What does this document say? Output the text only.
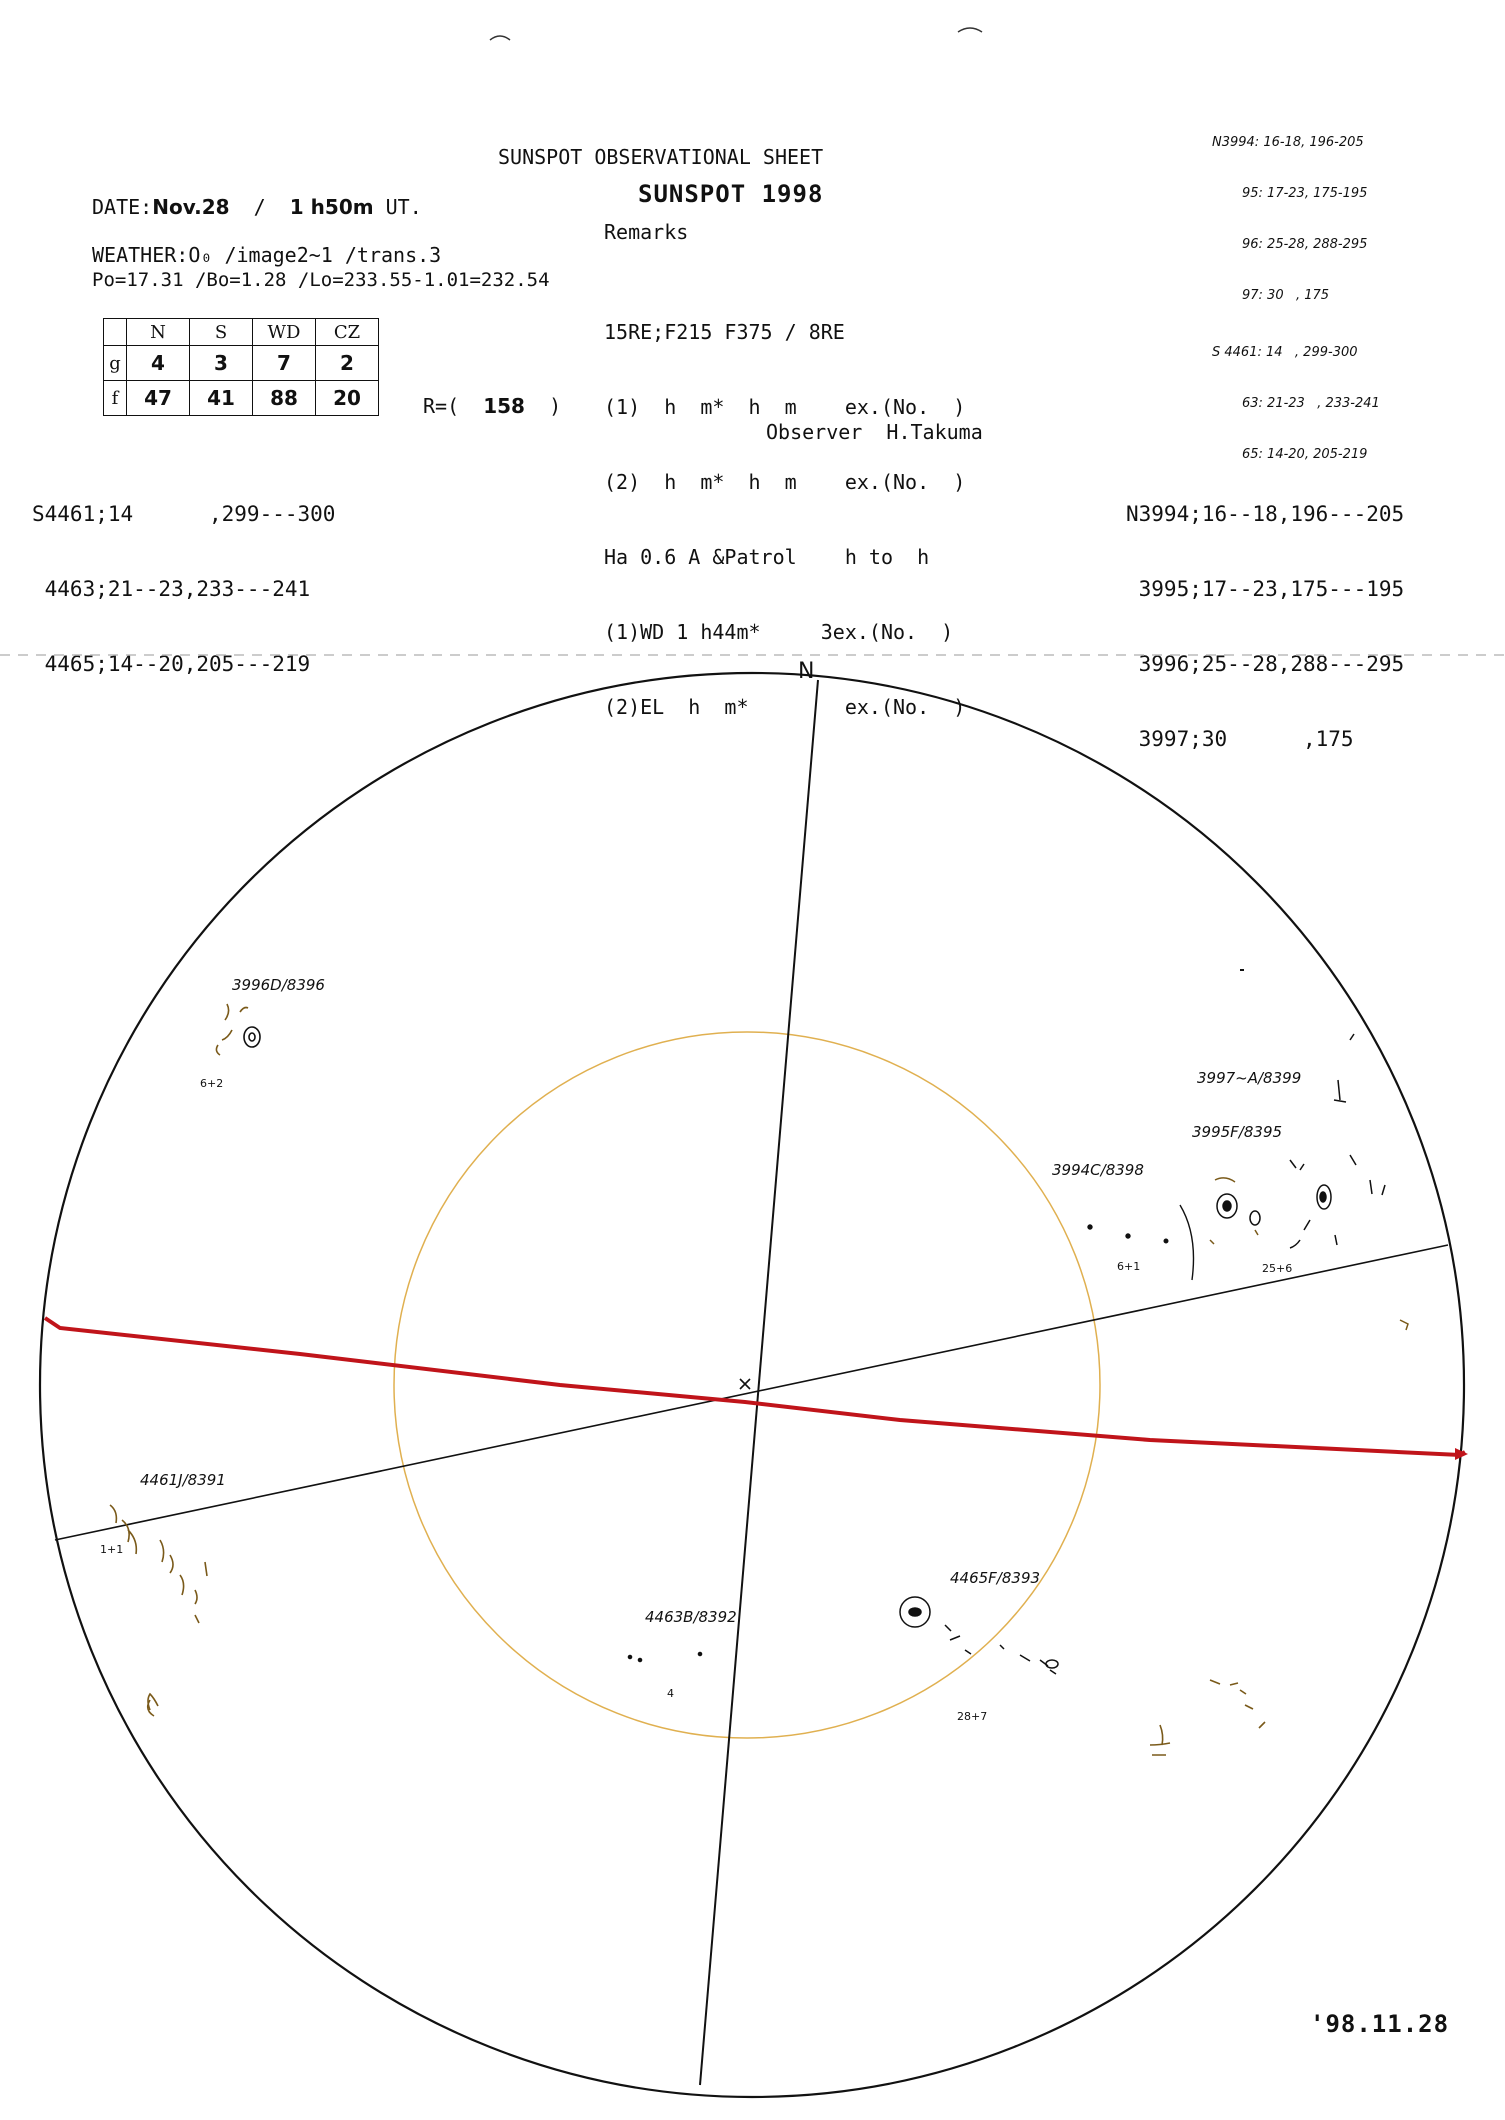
SUNSPOT OBSERVATIONAL SHEET
SUNSPOT 1998
Remarks
DATE:Nov.28 / 1 h50m UT.
WEATHER:O₀ /image2~1 /trans.3
Po=17.31 /Bo=1.28 /Lo=233.55-1.01=232.54

15RE;F215 F375 / 8RE

(1)  h  m*  h  m    ex.(No.  )

(2)  h  m*  h  m    ex.(No.  )

Ha 0.6 A &Patrol    h to  h

(1)WD 1 h44m*     3ex.(No.  )

(2)EL  h  m*        ex.(No.  )

Observer  H.Takuma
	N	S	WD	CZ
g	4	3	7	2
f	47	41	88	20	R=( 158 )

S4461;14      ,299---300

4463;21--23,233---241

4465;14--20,205---219

N3994;16--18,196---205

3995;17--23,175---195

3996;25--28,288---295

3997;30      ,175

N3994: 16-18, 196-205

95: 17-23, 175-195

96: 25-28, 288-295

97: 30   , 175

S 4461: 14   , 299-300

63: 21-23   , 233-241

65: 14-20, 205-219

N
3996D/8396
6+2	3997~A/8399
3995F/8395
3994C/8398
6+1	25+6
4461J/8391
1+1
4463B/8392
4
4465F/8393
28+7
'98.11.28
